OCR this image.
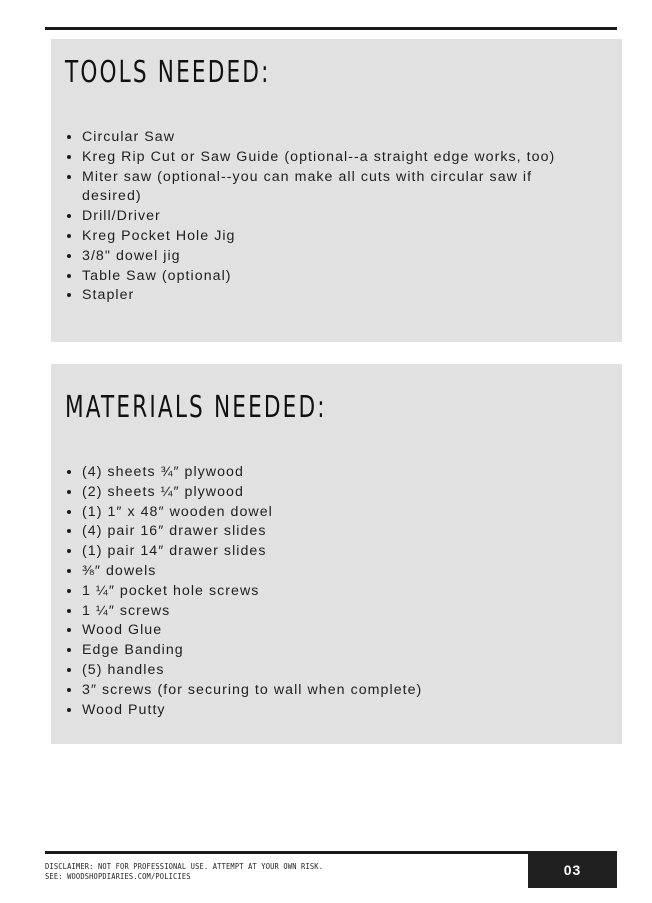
TOOLS NEEDED:
• Circular Saw
• Kreg Rip Cut or Saw Guide (optional--a straight edge works, too)
• Miter saw (optional--you can make all cuts with circular saw if desired)
• Drill/Driver
• Kreg Pocket Hole Jig
• 3/8" dowel jig
• Table Saw (optional)
• Stapler
MATERIALS NEEDED:
• (4) sheets ¾″ plywood
• (2) sheets ¼″ plywood
• (1) 1″ x 48″ wooden dowel
• (4) pair 16″ drawer slides
• (1) pair 14″ drawer slides
• ⅜″ dowels
• 1 ¼″ pocket hole screws
• 1 ¼″ screws
• Wood Glue
• Edge Banding
• (5) handles
• 3″ screws (for securing to wall when complete)
• Wood Putty
DISCLAIMER: NOT FOR PROFESSIONAL USE. ATTEMPT AT YOUR OWN RISK.
SEE: WOODSHOPDIARIES.COM/POLICIES	03
